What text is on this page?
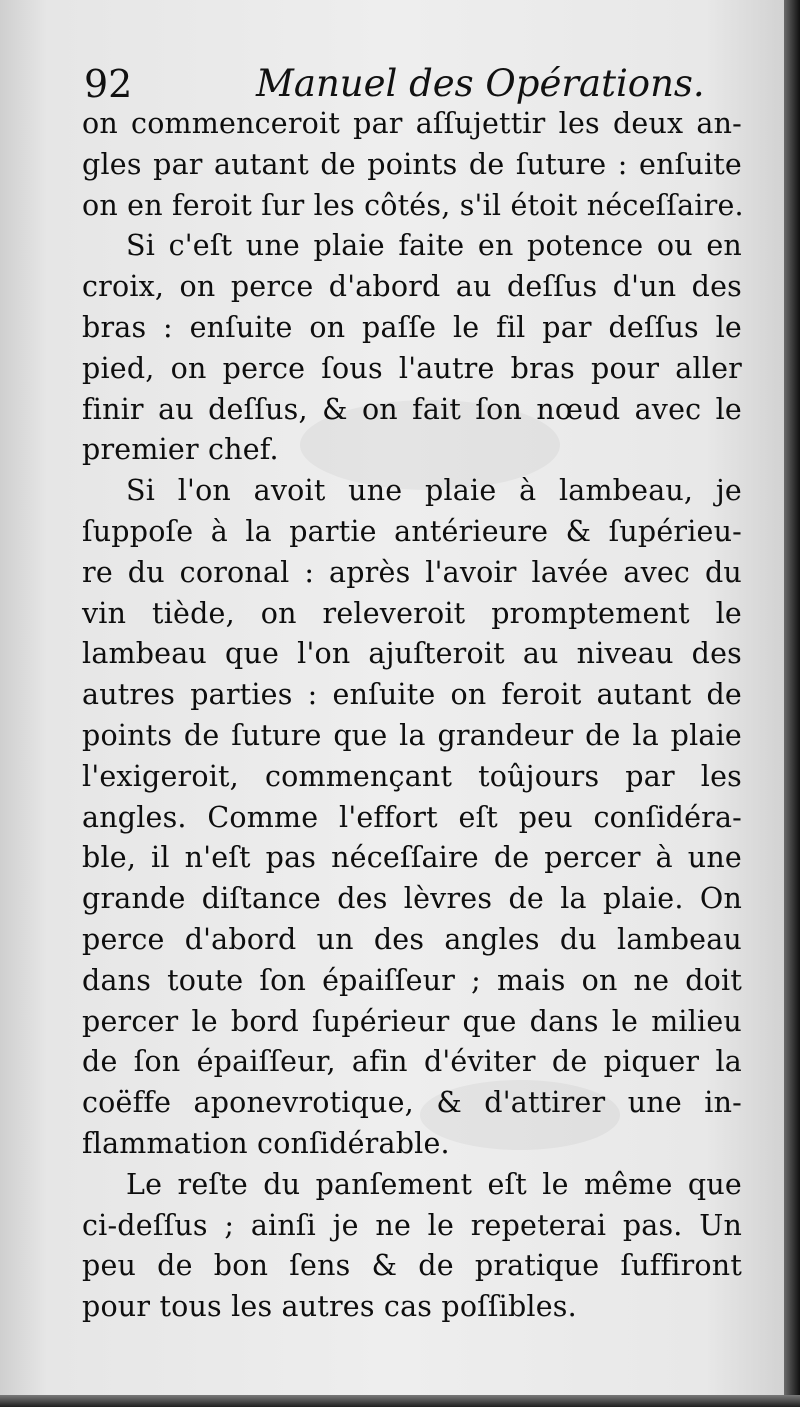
92	Manuel des Opérations.
on commenceroit par aſſujettir les deux an-
gles par autant de points de ſuture : enſuite
on en feroit ſur les côtés, s'il étoit néceſſaire.
Si c'eſt une plaie faite en potence ou en
croix, on perce d'abord au deſſus d'un des
bras : enſuite on paſſe le fil par deſſus le
pied, on perce ſous l'autre bras pour aller
finir au deſſus, & on fait ſon nœud avec le
premier chef.
Si l'on avoit une plaie à lambeau, je
ſuppoſe à la partie antérieure & ſupérieu-
re du coronal : après l'avoir lavée avec du
vin tiède, on releveroit promptement le
lambeau que l'on ajuſteroit au niveau des
autres parties : enſuite on feroit autant de
points de ſuture que la grandeur de la plaie
l'exigeroit, commençant toûjours par les
angles. Comme l'effort eſt peu conſidéra-
ble, il n'eſt pas néceſſaire de percer à une
grande diſtance des lèvres de la plaie. On
perce d'abord un des angles du lambeau
dans toute ſon épaiſſeur ; mais on ne doit
percer le bord ſupérieur que dans le milieu
de ſon épaiſſeur, afin d'éviter de piquer la
coëffe aponevrotique, & d'attirer une in-
flammation conſidérable.
Le reſte du panſement eſt le même que
ci-deſſus ; ainſi je ne le repeterai pas. Un
peu de bon ſens & de pratique ſuffiront
pour tous les autres cas poſſibles.
